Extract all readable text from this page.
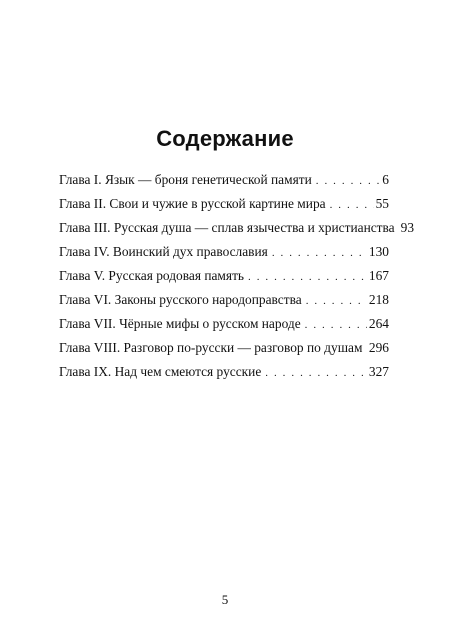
Содержание
Глава I. Язык — броня генетической памяти . . .	6
Глава II. Свои и чужие в русской картине мира . . .	55
Глава III. Русская душа — сплав язычества и христианства 93
Глава IV. Воинский дух православия . . .	130
Глава V. Русская родовая память . . .	167
Глава VI. Законы русского народоправства . . .	218
Глава VII. Чёрные мифы о русском народе . . .	264
Глава VIII. Разговор по-русски — разговор по душам . . . 296
Глава IX. Над чем смеются русские . . .	327
5
